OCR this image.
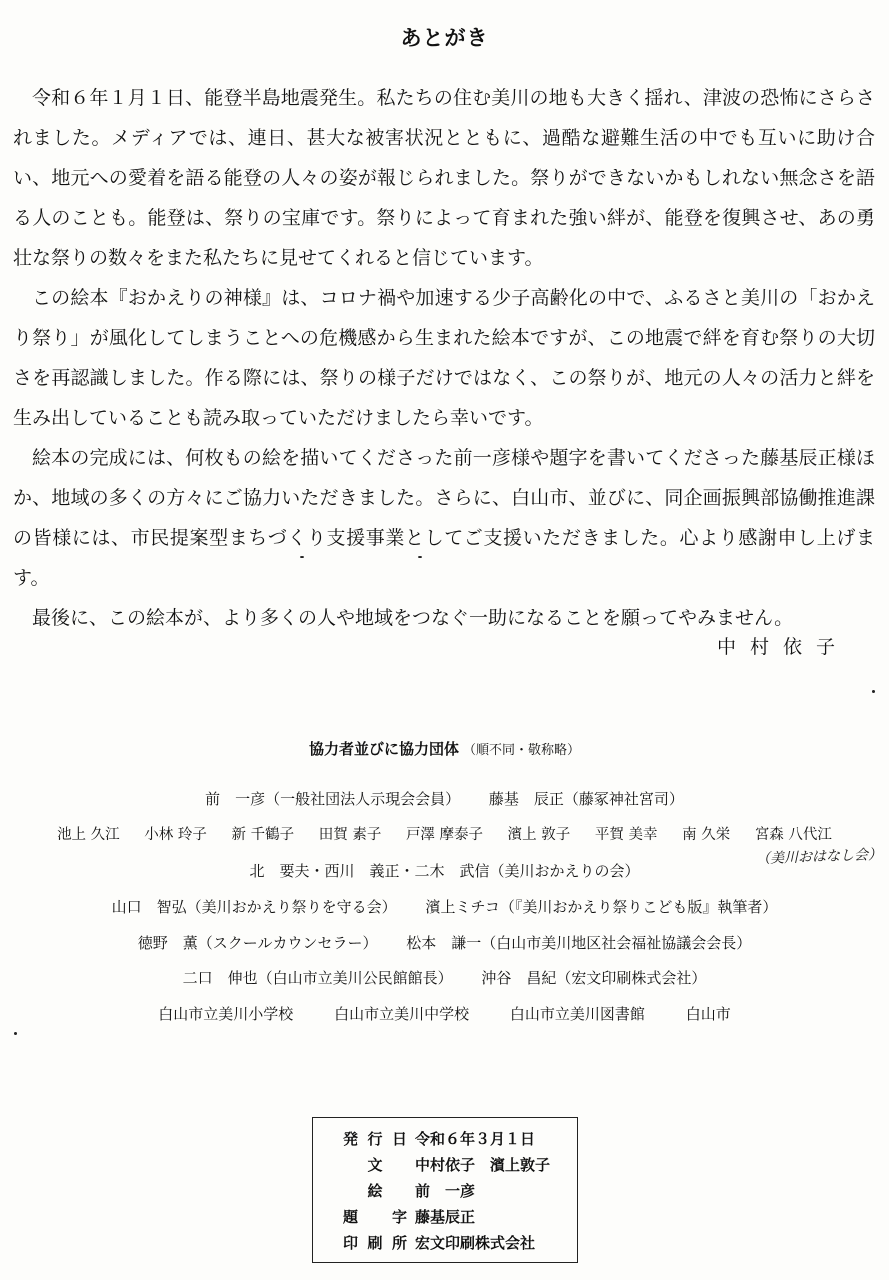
あとがき

令和６年１月１日、能登半島地震発生。私たちの住む美川の地も大きく揺れ、津波の恐怖にさらされました。メディアでは、連日、甚大な被害状況とともに、過酷な避難生活の中でも互いに助け合い、地元への愛着を語る能登の人々の姿が報じられました。祭りができないかもしれない無念さを語る人のことも。能登は、祭りの宝庫です。祭りによって育まれた強い絆が、能登を復興させ、あの勇壮な祭りの数々をまた私たちに見せてくれると信じています。

この絵本『おかえりの神様』は、コロナ禍や加速する少子高齢化の中で、ふるさと美川の「おかえり祭り」が風化してしまうことへの危機感から生まれた絵本ですが、この地震で絆を育む祭りの大切さを再認識しました。作る際には、祭りの様子だけではなく、この祭りが、地元の人々の活力と絆を生み出していることも読み取っていただけましたら幸いです。

絵本の完成には、何枚もの絵を描いてくださった前一彦様や題字を書いてくださった藤基辰正様ほか、地域の多くの方々にご協力いただきました。さらに、白山市、並びに、同企画振興部協働推進課の皆様には、市民提案型まちづくり支援事業としてご支援いただきました。心より感謝申し上げます。

最後に、この絵本が、より多くの人や地域をつなぐ一助になることを願ってやみません。

中村依子
協力者並びに協力団体 （順不同・敬称略）
前　一彦（一般社団法人示現会会員） 藤基　辰正（藤冢神社宮司）
池上 久江 小林 玲子 新 千鶴子 田賀 素子 戸澤 摩泰子 濱上 敦子 平賀 美幸 南 久栄 宮森 八代江
（美川おはなし会）
北　要夫・西川　義正・二木　武信（美川おかえりの会）
山口　智弘（美川おかえり祭りを守る会） 濱上ミチコ（『美川おかえり祭りこども版』執筆者）
徳野　薫（スクールカウンセラー） 松本　謙一（白山市美川地区社会福祉協議会会長）
二口　伸也（白山市立美川公民館館長） 沖谷　昌紀（宏文印刷株式会社）
白山市立美川小学校	白山市立美川中学校	白山市立美川図書館	白山市
発行日 令和６年３月１日
文	中村依子　濱上敦子
絵	前　一彦
題字 藤基辰正
印刷所 宏文印刷株式会社
